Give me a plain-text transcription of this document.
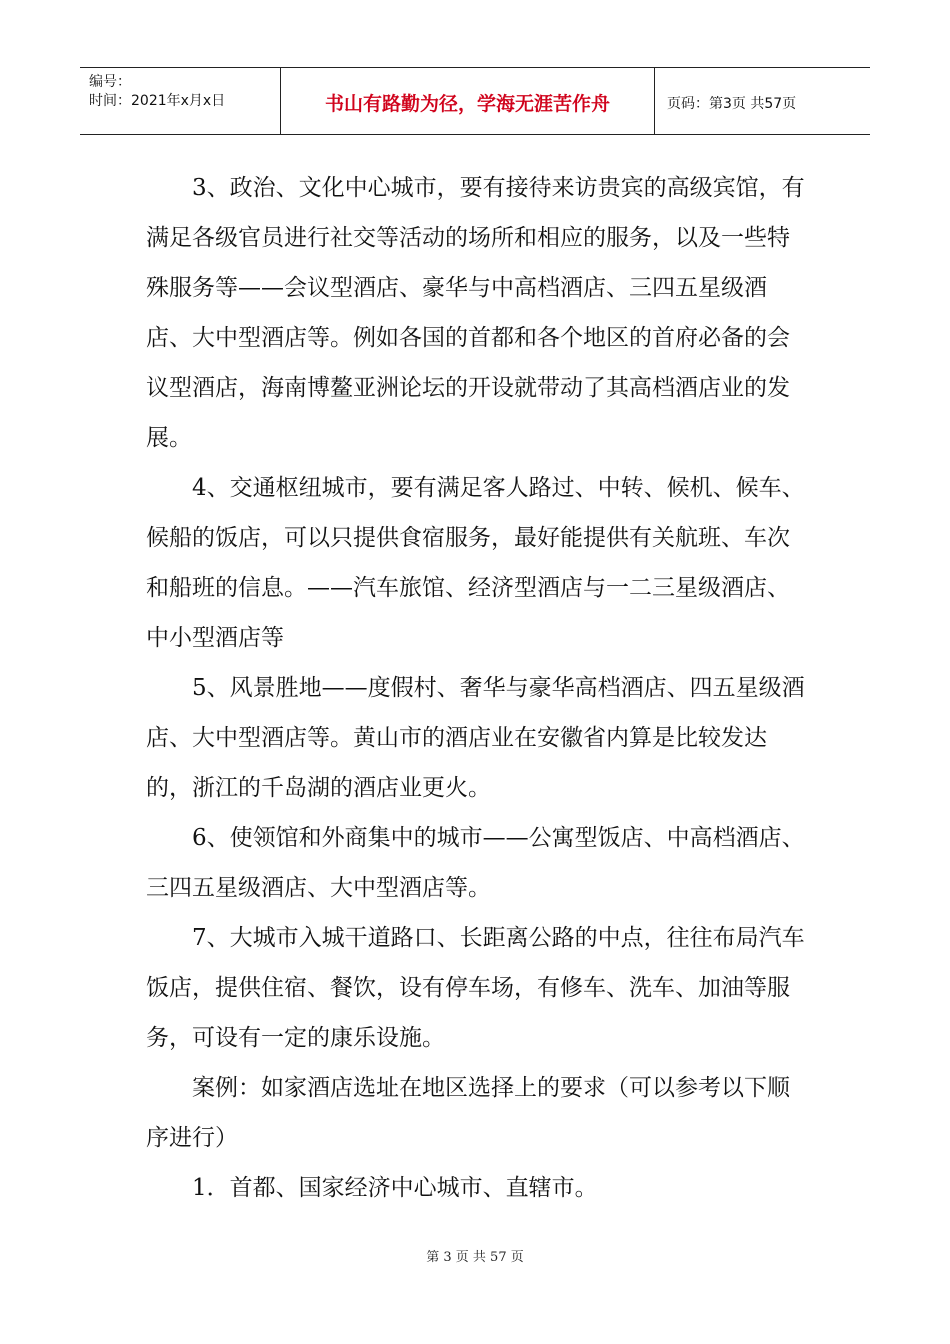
编号：
时间：2021年x月x日	书山有路勤为径，学海无涯苦作舟	页码：第3页 共57页

3、政治、文化中心城市，要有接待来访贵宾的高级宾馆，有满足各级官员进行社交等活动的场所和相应的服务，以及一些特殊服务等——会议型酒店、豪华与中高档酒店、三四五星级酒店、大中型酒店等。例如各国的首都和各个地区的首府必备的会议型酒店，海南博鳌亚洲论坛的开设就带动了其高档酒店业的发展。

4、交通枢纽城市，要有满足客人路过、中转、候机、候车、候船的饭店，可以只提供食宿服务，最好能提供有关航班、车次和船班的信息。——汽车旅馆、经济型酒店与一二三星级酒店、中小型酒店等

5、风景胜地——度假村、奢华与豪华高档酒店、四五星级酒店、大中型酒店等。黄山市的酒店业在安徽省内算是比较发达的，浙江的千岛湖的酒店业更火。

6、使领馆和外商集中的城市——公寓型饭店、中高档酒店、三四五星级酒店、大中型酒店等。

7、大城市入城干道路口、长距离公路的中点，往往布局汽车饭店，提供住宿、餐饮，设有停车场，有修车、洗车、加油等服务，可设有一定的康乐设施。

案例：如家酒店选址在地区选择上的要求（可以参考以下顺序进行）

1．首都、国家经济中心城市、直辖市。

第 3 页 共 57 页
